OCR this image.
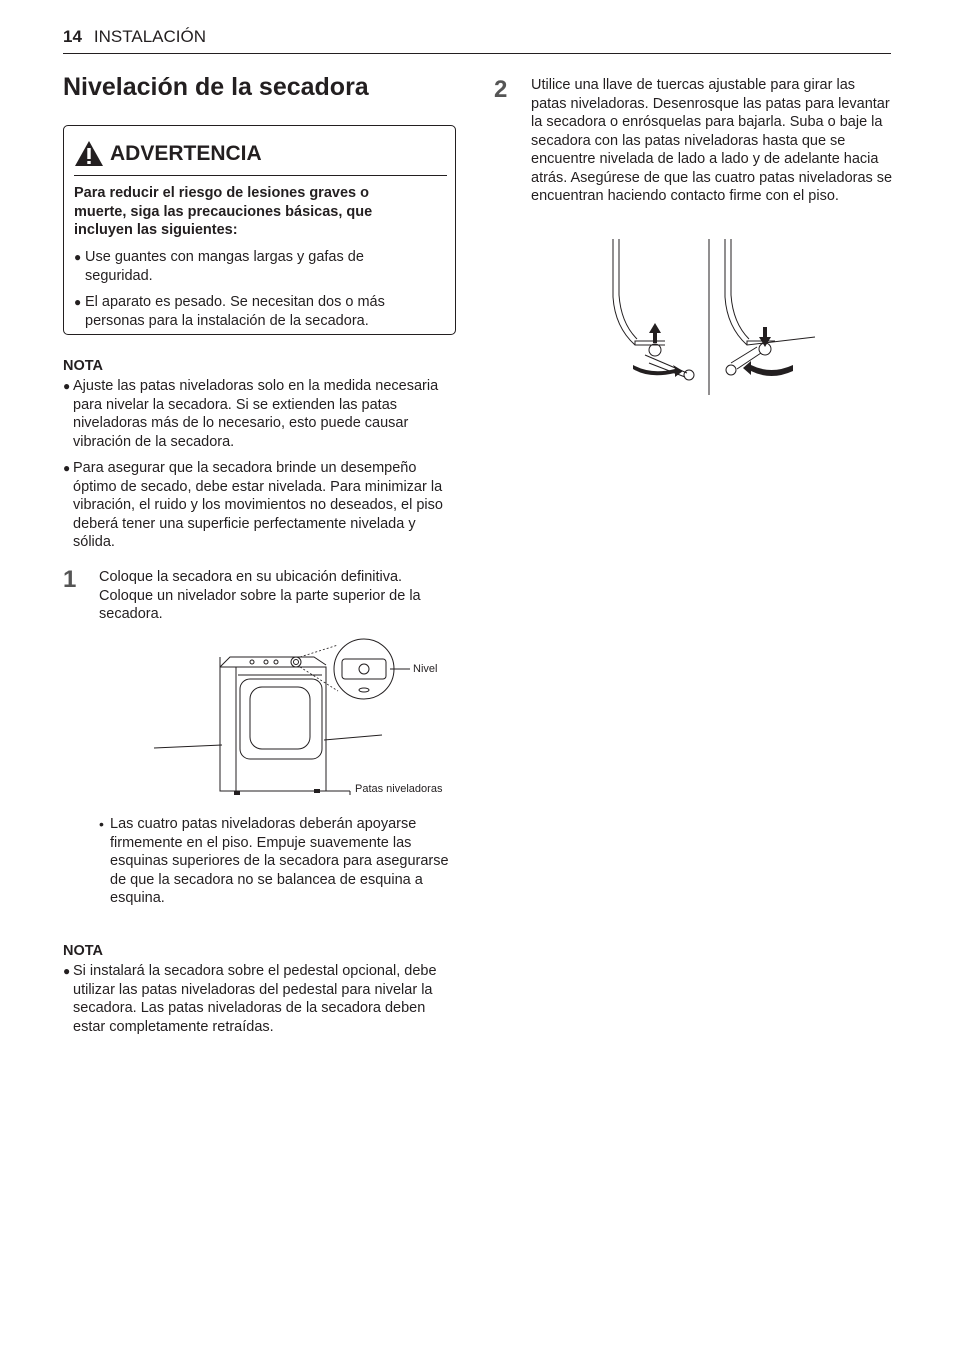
14 INSTALACIÓN
Nivelación de la secadora
ADVERTENCIA
Para reducir el riesgo de lesiones graves o muerte, siga las precauciones básicas, que incluyen las siguientes:
● Use guantes con mangas largas y gafas de seguridad.
● El aparato es pesado. Se necesitan dos o más personas para la instalación de la secadora.
NOTA
● Ajuste las patas niveladoras solo en la medida necesaria para nivelar la secadora. Si se extienden las patas niveladoras más de lo necesario, esto puede causar vibración de la secadora.
● Para asegurar que la secadora brinde un desempeño óptimo de secado, debe estar nivelada. Para minimizar la vibración, el ruido y los movimientos no deseados, el piso deberá tener una superficie perfectamente nivelada y sólida.
1 Coloque la secadora en su ubicación definitiva. Coloque un nivelador sobre la parte superior de la secadora.
Nivel
Patas niveladoras
• Las cuatro patas niveladoras deberán apoyarse firmemente en el piso. Empuje suavemente las esquinas superiores de la secadora para asegurarse de que la secadora no se balancea de esquina a esquina.
NOTA
● Si instalará la secadora sobre el pedestal opcional, debe utilizar las patas niveladoras del pedestal para nivelar la secadora. Las patas niveladoras de la secadora deben estar completamente retraídas.
2 Utilice una llave de tuercas ajustable para girar las patas niveladoras. Desenrosque las patas para levantar la secadora o enrósquelas para bajarla. Suba o baje la secadora con las patas niveladoras hasta que se encuentre nivelada de lado a lado y de adelante hacia atrás. Asegúrese de que las cuatro patas niveladoras se encuentran haciendo contacto firme con el piso.
